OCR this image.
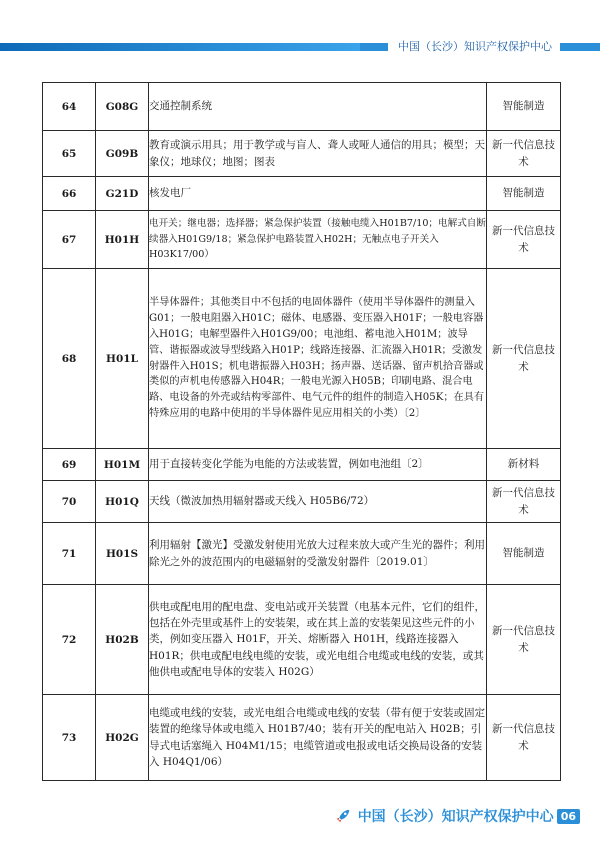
中国（长沙）知识产权保护中心
64	G08G	交通控制系统	智能制造
65	G09B	教育或演示用具；用于教学或与盲人、聋人或哑人通信的用具；模型；天象仪；地球仪；地图；图表	新一代信息技术
66	G21D	核发电厂	智能制造
67	H01H	电开关；继电器；选择器；紧急保护装置（接触电缆入H01B7/10；电解式自断续器入H01G9/18；紧急保护电路装置入H02H；无触点电子开关入H03K17/00）	新一代信息技术
68	H01L	半导体器件；其他类目中不包括的电固体器件（使用半导体器件的测量入G01；一般电阻器入H01C；磁体、电感器、变压器入H01F；一般电容器入H01G；电解型器件入H01G9/00；电池组、蓄电池入H01M；波导管、谐振器或波导型线路入H01P；线路连接器、汇流器入H01R；受激发射器件入H01S；机电谐振器入H03H；扬声器、送话器、留声机拾音器或类似的声机电传感器入H04R；一般电光源入H05B；印刷电路、混合电路、电设备的外壳或结构零部件、电气元件的组件的制造入H05K；在具有特殊应用的电路中使用的半导体器件见应用相关的小类）〔2〕	新一代信息技术
69	H01M	用于直接转变化学能为电能的方法或装置，例如电池组〔2〕	新材料
70	H01Q	天线（微波加热用辐射器或天线入 H05B6/72）	新一代信息技术
71	H01S	利用辐射【激光】受激发射使用光放大过程来放大或产生光的器件；利用除光之外的波范围内的电磁辐射的受激发射器件〔2019.01〕	智能制造
72	H02B	供电或配电用的配电盘、变电站或开关装置（电基本元件，它们的组件，包括在外壳里或基件上的安装架，或在其上盖的安装架见这些元件的小类，例如变压器入 H01F，开关、熔断器入 H01H，线路连接器入 H01R；供电或配电线电缆的安装，或光电组合电缆或电线的安装，或其他供电或配电导体的安装入 H02G）	新一代信息技术
73	H02G	电缆或电线的安装，或光电组合电缆或电线的安装（带有便于安装或固定装置的绝缘导体或电缆入 H01B7/40；装有开关的配电站入 H02B；引导式电话塞绳入 H04M1/15；电缆管道或电报或电话交换局设备的安装入 H04Q1/06）	新一代信息技术
中国（长沙）知识产权保护中心 06
